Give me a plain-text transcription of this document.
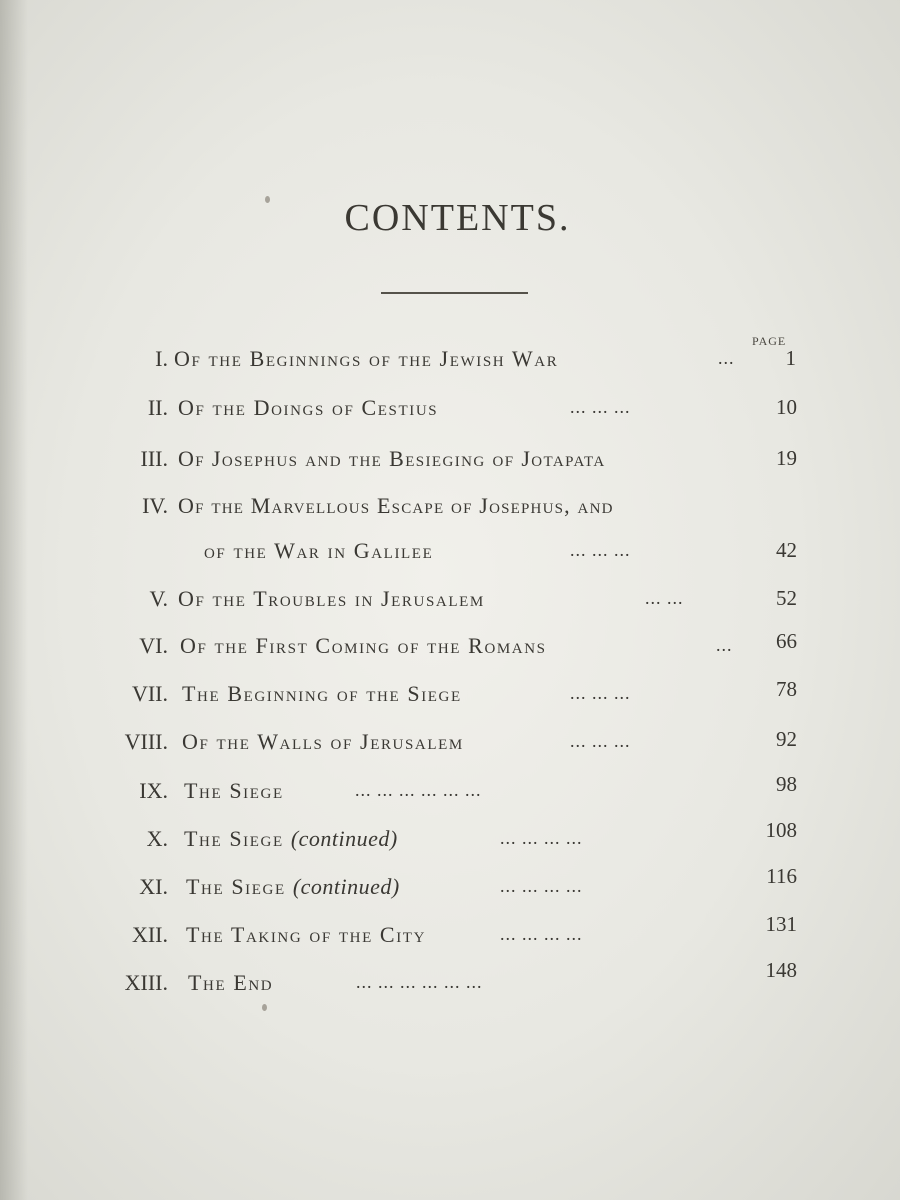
CONTENTS.
PAGE
I. Of the Beginnings of the Jewish War	... 1
II. Of the Doings of Cestius	... ... ...	10
III. Of Josephus and the Besieging of Jotapata	19
IV. Of the Marvellous Escape of Josephus, and
of the War in Galilee	... ... ...	42
V. Of the Troubles in Jerusalem	... ...	52
VI. Of the First Coming of the Romans	... 66
VII. The Beginning of the Siege	... ... ...	78
VIII. Of the Walls of Jerusalem	... ... ...	92
IX. The Siege	... ... ... ... ... ...	98
X. The Siege (continued)	... ... ... ...	108
XI. The Siege (continued)	... ... ... ...	116
XII. The Taking of the City	... ... ... ...	131
XIII. The End	... ... ... ... ... ...	148
